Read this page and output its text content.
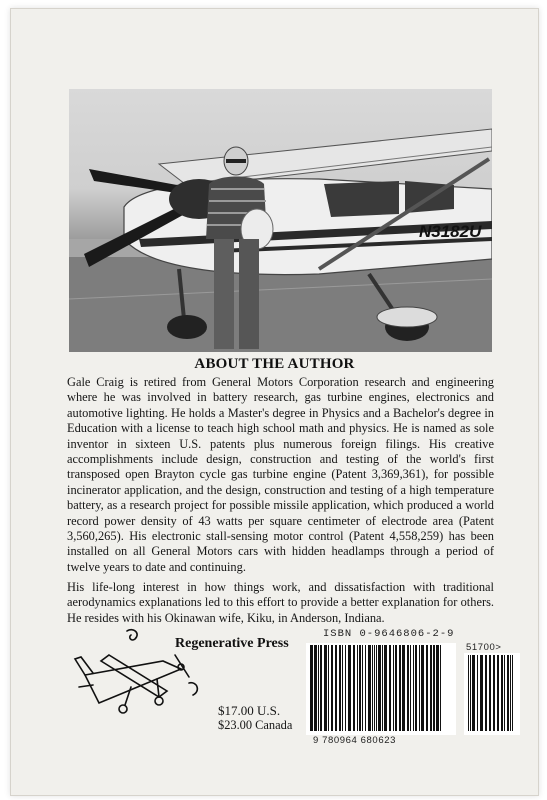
N3182U
ABOUT THE AUTHOR

Gale Craig is retired from General Motors Corporation research and engineering where he was involved in battery research, gas turbine engines, electronics and automotive lighting. He holds a Master's degree in Physics and a Bachelor's degree in Education with a license to teach high school math and physics. He is named as sole inventor in sixteen U.S. patents plus numerous foreign filings. His creative accomplishments include design, construction and testing of the world's first transposed open Brayton cycle gas turbine engine (Patent 3,369,361), for possible incinerator application, and the design, construction and testing of a high temperature battery, as a research project for possible missile application, which produced a world record power density of 43 watts per square centimeter of electrode area (Patent 3,560,265). His electronic stall-sensing motor control (Patent 4,558,259) has been installed on all General Motors cars with hidden headlamps through a period of twelve years to date and continuing.

His life-long interest in how things work, and dissatisfaction with traditional aerodynamics explanations led to this effort to provide a better explanation for others. He resides with his Okinawan wife, Kiku, in Anderson, Indiana.

Regenerative Press
$17.00 U.S.
$23.00 Canada
ISBN 0-9646806-2-9
51700>
9 780964 680623
